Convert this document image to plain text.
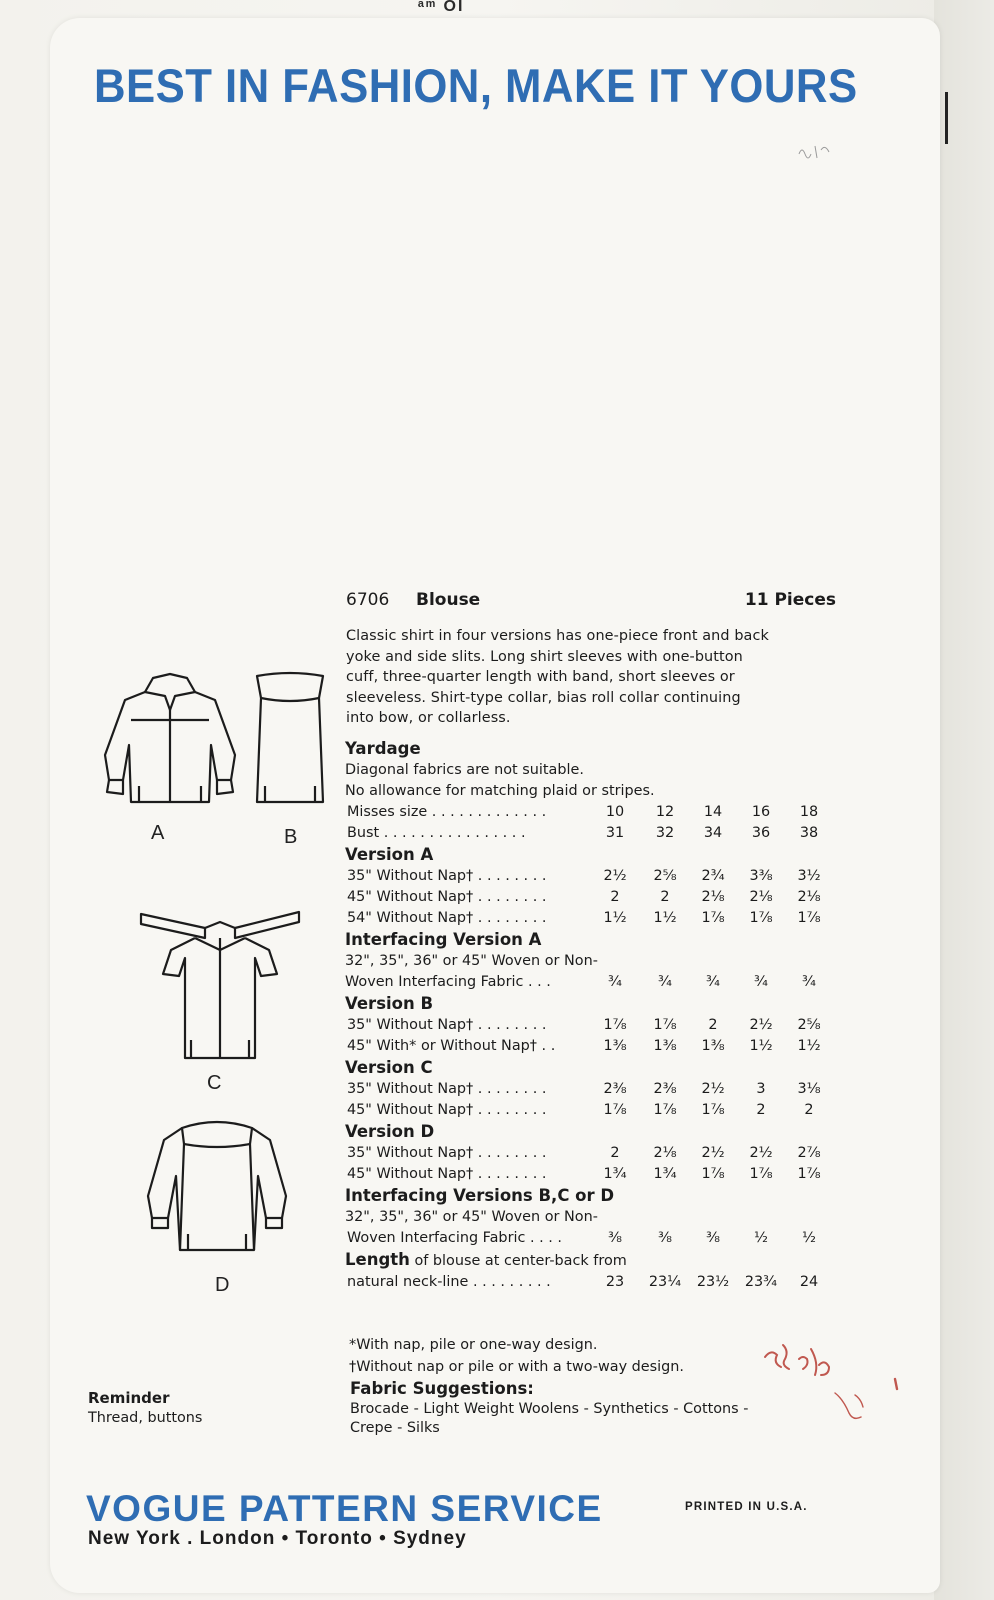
ᵃᵐ OI
BEST IN FASHION, MAKE IT YOURS
A	B
C
D
6706 Blouse	11 Pieces
Classic shirt in four versions has one-piece front and back
yoke and side slits. Long shirt sleeves with one-button
cuff, three-quarter length with band, short sleeves or
sleeveless. Shirt-type collar, bias roll collar continuing
into bow, or collarless.
Yardage
Diagonal fabrics are not suitable.
No allowance for matching plaid or stripes.
Misses size . . . . . . . . . . . . .	10	12	14	16	18
Bust . . . . . . . . . . . . . . . .	31	32	34	36	38
Version A
35" Without Nap† . . . . . . . .	2½	2⅝	2¾	3⅜	3½
45" Without Nap† . . . . . . . .	2	2	2⅛	2⅛	2⅛
54" Without Nap† . . . . . . . .	1½	1½	1⅞	1⅞	1⅞
Interfacing Version A
32", 35", 36" or 45" Woven or Non-
Woven Interfacing Fabric . . .	¾	¾	¾	¾	¾
Version B
35" Without Nap† . . . . . . . .	1⅞	1⅞	2	2½	2⅝
45" With* or Without Nap† . .	1⅜	1⅜	1⅜	1½	1½
Version C
35" Without Nap† . . . . . . . .	2⅜	2⅜	2½	3	3⅛
45" Without Nap† . . . . . . . .	1⅞	1⅞	1⅞	2	2
Version D
35" Without Nap† . . . . . . . .	2	2⅛	2½	2½	2⅞
45" Without Nap† . . . . . . . .	1¾	1¾	1⅞	1⅞	1⅞
Interfacing Versions B,C or D
32", 35", 36" or 45" Woven or Non-
Woven Interfacing Fabric . . . .	⅜	⅜	⅜	½	½
Length of blouse at center-back from
natural neck-line . . . . . . . . .	23	23¼ 23½ 23¾	24
*With nap, pile or one-way design.
†Without nap or pile or with a two-way design.
Fabric Suggestions:
Brocade - Light Weight Woolens - Synthetics - Cottons -
Crepe - Silks
Reminder
Thread, buttons
VOGUE PATTERN SERVICE
New York . London • Toronto • Sydney
PRINTED IN U.S.A.
